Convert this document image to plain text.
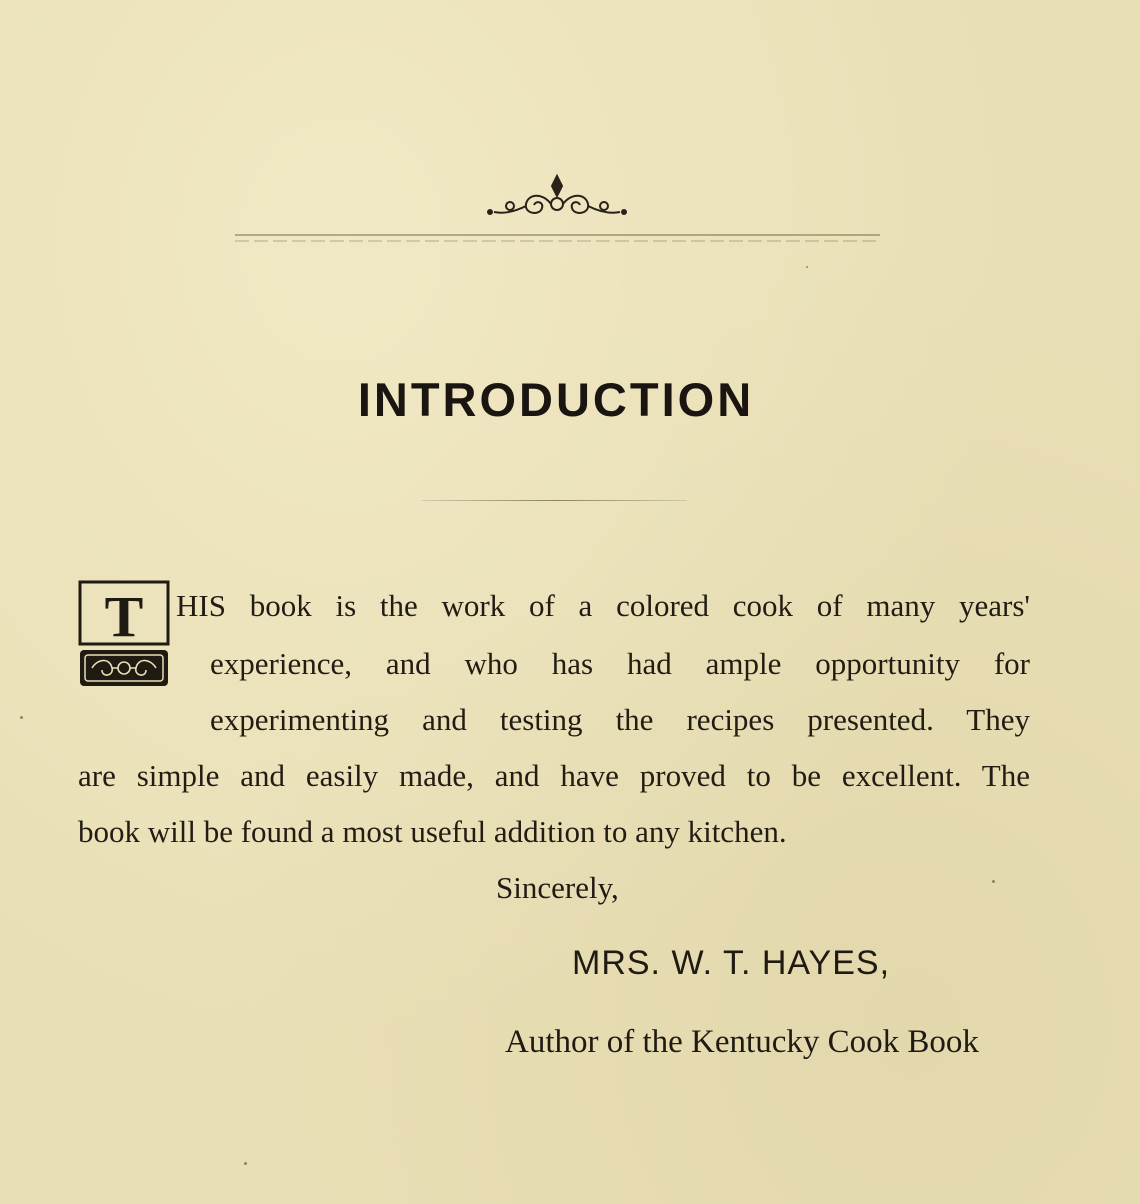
INTRODUCTION
T HIS book is the work of a colored cook of many years'
experience, and who has had ample opportunity for
experimenting and testing the recipes presented. They
are simple and easily made, and have proved to be excellent. The
book will be found a most useful addition to any kitchen.
Sincerely,
MRS. W. T. HAYES,
Author of the Kentucky Cook Book
